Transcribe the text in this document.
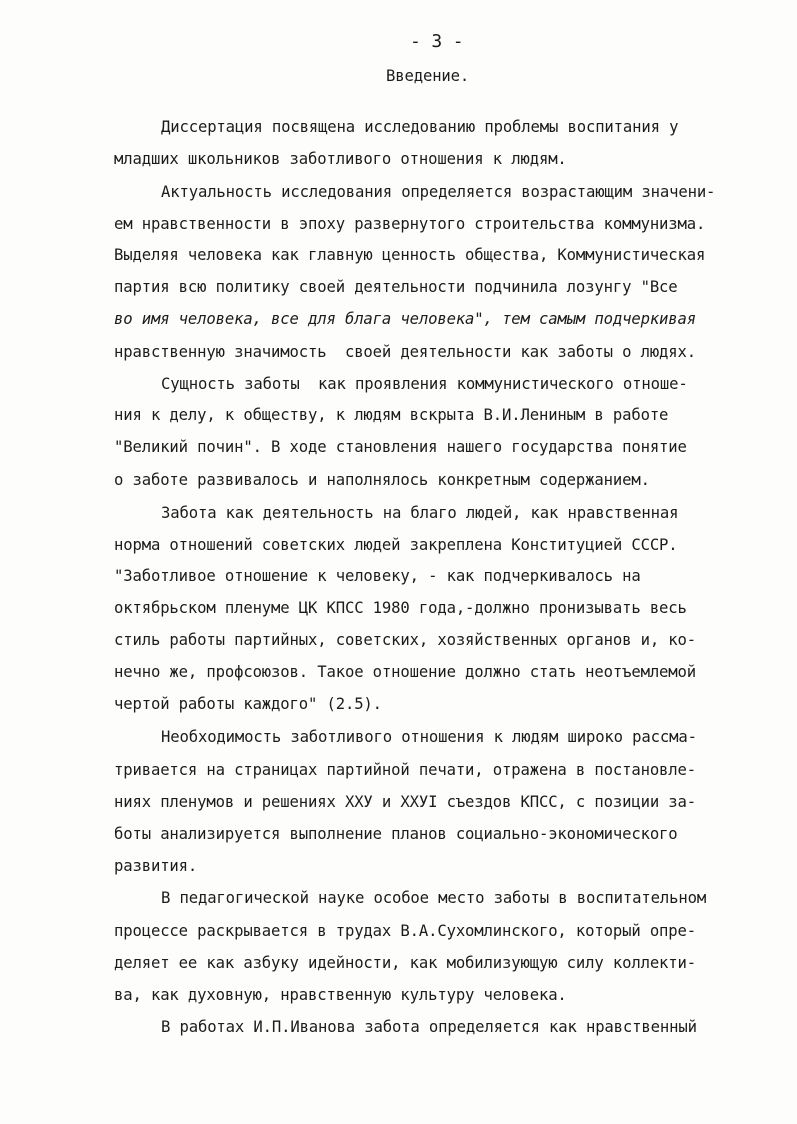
- 3 -
Введение.
Диссертация посвящена исследованию проблемы воспитания у
младших школьников заботливого отношения к людям.
Актуальность исследования определяется возрастающим значени-
ем нравственности в эпоху развернутого строительства коммунизма.
Выделяя человека как главную ценность общества, Коммунистическая
партия всю политику своей деятельности подчинила лозунгу "Все
во имя человека, все для блага человека", тем самым подчеркивая
нравственную значимость  своей деятельности как заботы о людях.
Сущность заботы  как проявления коммунистического отноше-
ния к делу, к обществу, к людям вскрыта В.И.Лениным в работе
"Великий почин". В ходе становления нашего государства понятие
о заботе развивалось и наполнялось конкретным содержанием.
Забота как деятельность на благо людей, как нравственная
норма отношений советских людей закреплена Конституцией СССР.
"Заботливое отношение к человеку, - как подчеркивалось на
октябрьском пленуме ЦК КПСС 1980 года,-должно пронизывать весь
стиль работы партийных, советских, хозяйственных органов и, ко-
нечно же, профсоюзов. Такое отношение должно стать неотъемлемой
чертой работы каждого" (2.5).
Необходимость заботливого отношения к людям широко рассма-
тривается на страницах партийной печати, отражена в постановле-
ниях пленумов и решениях XXУ и XXУI съездов КПСС, с позиции за-
боты анализируется выполнение планов социально-экономического
развития.
В педагогической науке особое место заботы в воспитательном
процессе раскрывается в трудах В.А.Сухомлинского, который опре-
деляет ее как азбуку идейности, как мобилизующую силу коллекти-
ва, как духовную, нравственную культуру человека.
В работах И.П.Иванова забота определяется как нравственный
